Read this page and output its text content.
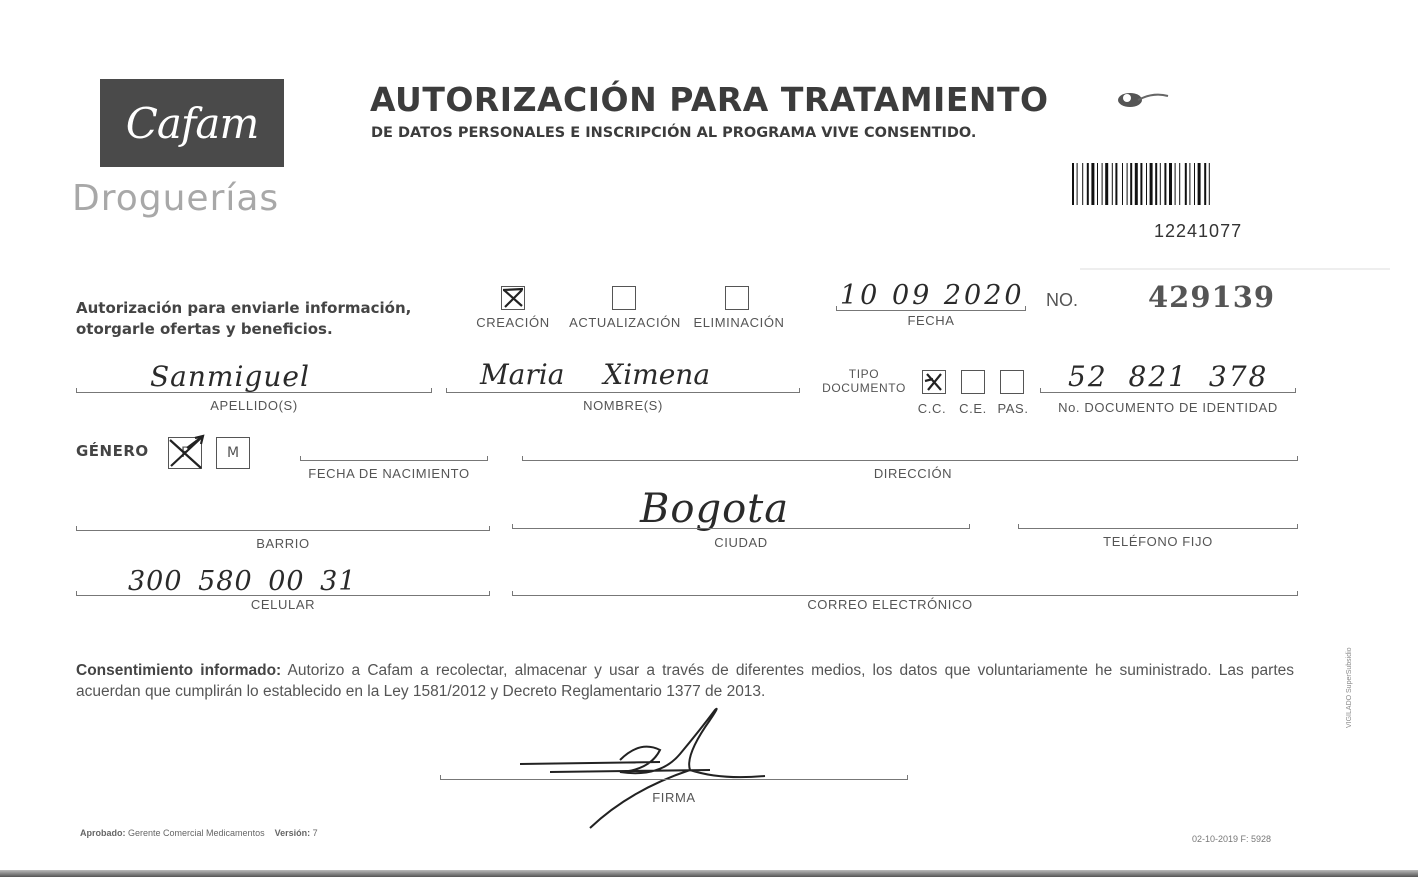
Cafam
Droguerías
AUTORIZACIÓN PARA TRATAMIENTO
DE DATOS PERSONALES E INSCRIPCIÓN AL PROGRAMA VIVE CONSENTIDO.
12241077
Autorización para enviarle información,
otorgarle ofertas y beneficios.	CREACIÓN	ACTUALIZACIÓN ELIMINACIÓN
10 09 2020
FECHA
NO. 429139
Sanmiguel
APELLIDO(S)
Maria Ximena
NOMBRE(S)
TIPO
DOCUMENTO
C.C. C.E. PAS.
52 821 378
No. DOCUMENTO DE IDENTIDAD
GÉNERO F	M
FECHA DE NACIMIENTO	DIRECCIÓN
BARRIO
Bogota
CIUDAD	TELÉFONO FIJO
300 580 00 31
CELULAR	CORREO ELECTRÓNICO
Consentimiento informado: Autorizo a Cafam a recolectar, almacenar y usar a través de diferentes medios, los datos que voluntariamente he suministrado. Las partes acuerdan que cumplirán lo establecido en la Ley 1581/2012 y Decreto Reglamentario 1377 de 2013.
FIRMA
Aprobado: Gerente Comercial Medicamentos Versión: 7
02-10-2019 F: 5928
VIGILADO SuperSubsidio
